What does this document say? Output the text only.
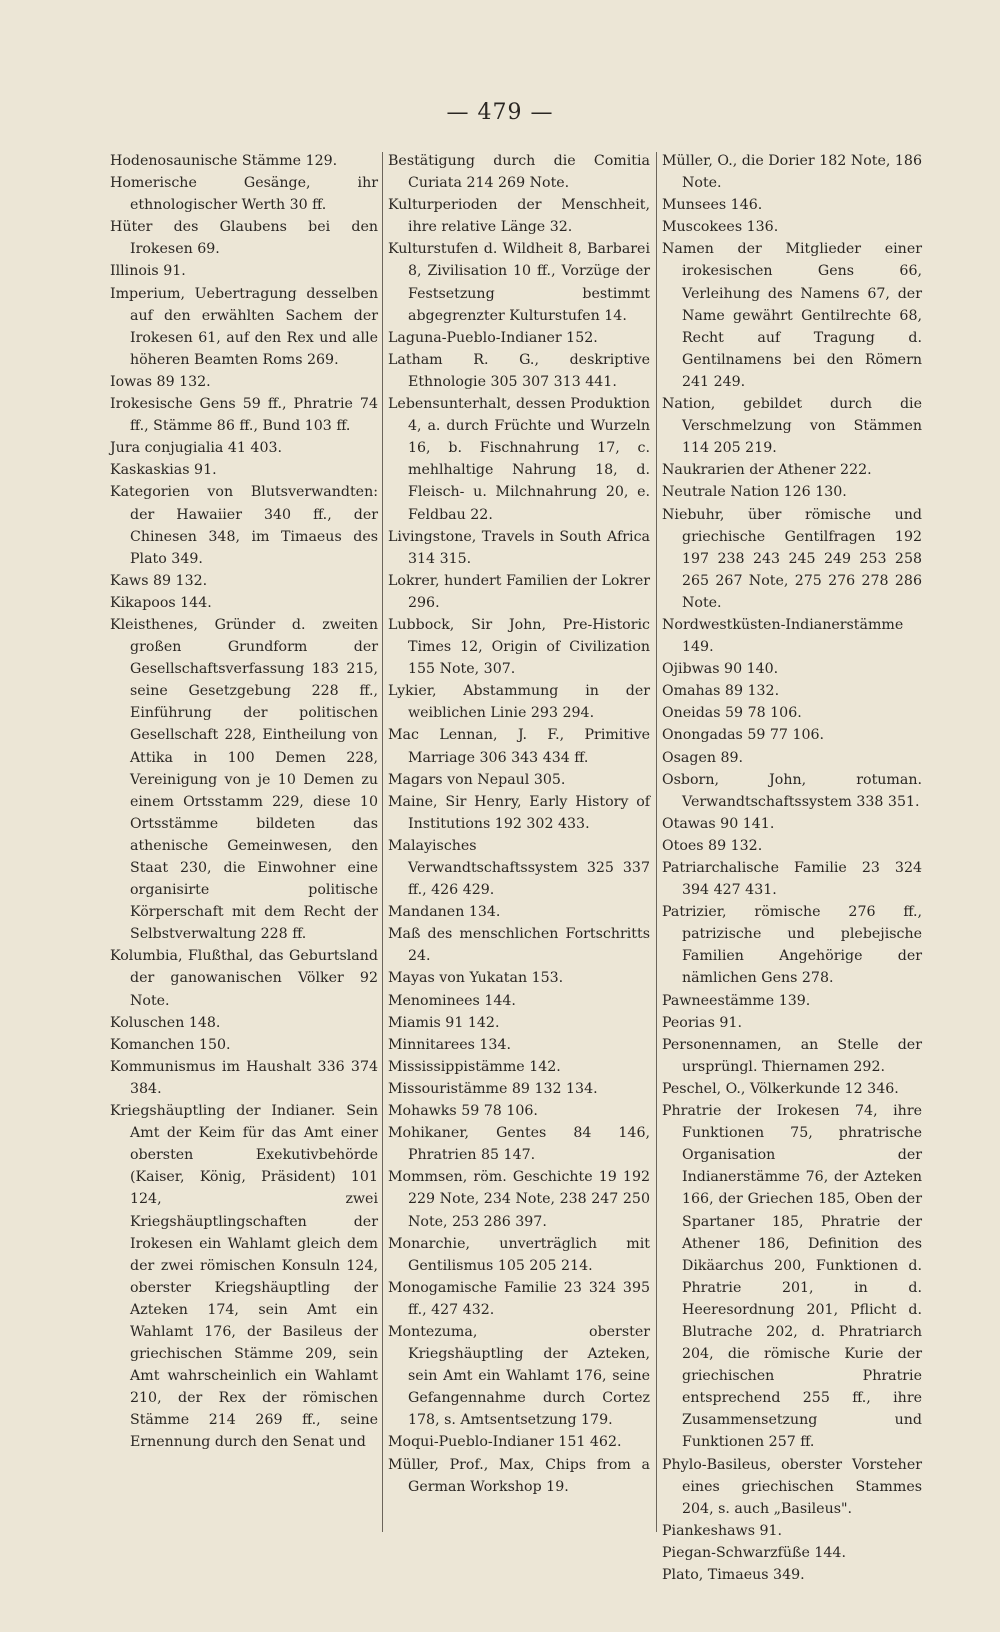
— 479 —

Hodenosaunische Stämme 129.

Homerische Gesänge, ihr ethnologischer Werth 30 ff.

Hüter des Glaubens bei den Irokesen 69.

Illinois 91.

Imperium, Uebertragung desselben auf den erwählten Sachem der Irokesen 61, auf den Rex und alle höheren Beamten Roms 269.

Iowas 89 132.

Irokesische Gens 59 ff., Phratrie 74 ff., Stämme 86 ff., Bund 103 ff.

Jura conjugialia 41 403.

Kaskaskias 91.

Kategorien von Blutsverwandten: der Hawaiier 340 ff., der Chinesen 348, im Timaeus des Plato 349.

Kaws 89 132.

Kikapoos 144.

Kleisthenes, Gründer d. zweiten großen Grundform der Gesellschaftsverfassung 183 215, seine Gesetzgebung 228 ff., Einführung der politischen Gesellschaft 228, Eintheilung von Attika in 100 Demen 228, Vereinigung von je 10 Demen zu einem Ortsstamm 229, diese 10 Ortsstämme bildeten das athenische Gemeinwesen, den Staat 230, die Einwohner eine organisirte politische Körperschaft mit dem Recht der Selbstverwaltung 228 ff.

Kolumbia, Flußthal, das Geburtsland der ganowanischen Völker 92 Note.

Koluschen 148.

Komanchen 150.

Kommunismus im Haushalt 336 374 384.

Kriegshäuptling der Indianer. Sein Amt der Keim für das Amt einer obersten Exekutivbehörde (Kaiser, König, Präsident) 101 124, zwei Kriegshäuptlingschaften der Irokesen ein Wahlamt gleich dem der zwei römischen Konsuln 124, oberster Kriegshäuptling der Azteken 174, sein Amt ein Wahlamt 176, der Basileus der griechischen Stämme 209, sein Amt wahrscheinlich ein Wahlamt 210, der Rex der römischen Stämme 214 269 ff., seine Ernennung durch den Senat und

Bestätigung durch die Comitia Curiata 214 269 Note.

Kulturperioden der Menschheit, ihre relative Länge 32.

Kulturstufen d. Wildheit 8, Barbarei 8, Zivilisation 10 ff., Vorzüge der Festsetzung bestimmt abgegrenzter Kulturstufen 14.

Laguna-Pueblo-Indianer 152.

Latham R. G., deskriptive Ethnologie 305 307 313 441.

Lebensunterhalt, dessen Produktion 4, a. durch Früchte und Wurzeln 16, b. Fischnahrung 17, c. mehlhaltige Nahrung 18, d. Fleisch- u. Milchnahrung 20, e. Feldbau 22.

Livingstone, Travels in South Africa 314 315.

Lokrer, hundert Familien der Lokrer 296.

Lubbock, Sir John, Pre-Historic Times 12, Origin of Civilization 155 Note, 307.

Lykier, Abstammung in der weiblichen Linie 293 294.

Mac Lennan, J. F., Primitive Marriage 306 343 434 ff.

Magars von Nepaul 305.

Maine, Sir Henry, Early History of Institutions 192 302 433.

Malayisches Verwandtschaftssystem 325 337 ff., 426 429.

Mandanen 134.

Maß des menschlichen Fortschritts 24.

Mayas von Yukatan 153.

Menominees 144.

Miamis 91 142.

Minnitarees 134.

Mississippistämme 142.

Missouristämme 89 132 134.

Mohawks 59 78 106.

Mohikaner, Gentes 84 146, Phratrien 85 147.

Mommsen, röm. Geschichte 19 192 229 Note, 234 Note, 238 247 250 Note, 253 286 397.

Monarchie, unverträglich mit Gentilismus 105 205 214.

Monogamische Familie 23 324 395 ff., 427 432.

Montezuma, oberster Kriegshäuptling der Azteken, sein Amt ein Wahlamt 176, seine Gefangennahme durch Cortez 178, s. Amtsentsetzung 179.

Moqui-Pueblo-Indianer 151 462.

Müller, Prof., Max, Chips from a German Workshop 19.

Müller, O., die Dorier 182 Note, 186 Note.

Munsees 146.

Muscokees 136.

Namen der Mitglieder einer irokesischen Gens 66, Verleihung des Namens 67, der Name gewährt Gentilrechte 68, Recht auf Tragung d. Gentilnamens bei den Römern 241 249.

Nation, gebildet durch die Verschmelzung von Stämmen 114 205 219.

Naukrarien der Athener 222.

Neutrale Nation 126 130.

Niebuhr, über römische und griechische Gentilfragen 192 197 238 243 245 249 253 258 265 267 Note, 275 276 278 286 Note.

Nordwestküsten-Indianerstämme 149.

Ojibwas 90 140.

Omahas 89 132.

Oneidas 59 78 106.

Onongadas 59 77 106.

Osagen 89.

Osborn, John, rotuman. Verwandtschaftssystem 338 351.

Otawas 90 141.

Otoes 89 132.

Patriarchalische Familie 23 324 394 427 431.

Patrizier, römische 276 ff., patrizische und plebejische Familien Angehörige der nämlichen Gens 278.

Pawneestämme 139.

Peorias 91.

Personennamen, an Stelle der ursprüngl. Thiernamen 292.

Peschel, O., Völkerkunde 12 346.

Phratrie der Irokesen 74, ihre Funktionen 75, phratrische Organisation der Indianerstämme 76, der Azteken 166, der Griechen 185, Oben der Spartaner 185, Phratrie der Athener 186, Definition des Dikäarchus 200, Funktionen d. Phratrie 201, in d. Heeresordnung 201, Pflicht d. Blutrache 202, d. Phratriarch 204, die römische Kurie der griechischen Phratrie entsprechend 255 ff., ihre Zusammensetzung und Funktionen 257 ff.

Phylo-Basileus, oberster Vorsteher eines griechischen Stammes 204, s. auch „Basileus".

Piankeshaws 91.

Piegan-Schwarzfüße 144.

Plato, Timaeus 349.
